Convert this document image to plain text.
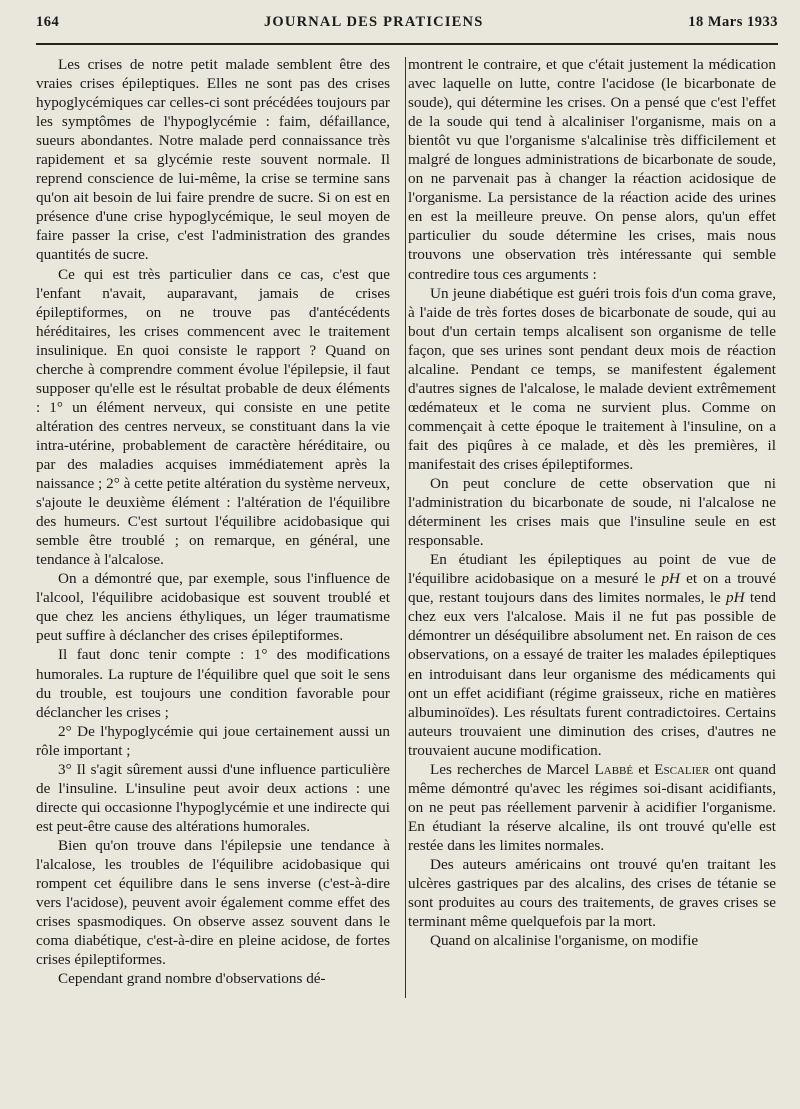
164	JOURNAL DES PRATICIENS	18 Mars 1933

Les crises de notre petit malade semblent être des vraies crises épileptiques. Elles ne sont pas des crises hypoglycémiques car celles-ci sont précédées toujours par les symptômes de l'hypoglycémie : faim, défaillance, sueurs abondantes. Notre malade perd connaissance très rapidement et sa glycémie reste souvent normale. Il reprend conscience de lui-même, la crise se termine sans qu'on ait besoin de lui faire prendre de sucre. Si on est en présence d'une crise hypoglycémique, le seul moyen de faire passer la crise, c'est l'administration des grandes quantités de sucre.

Ce qui est très particulier dans ce cas, c'est que l'enfant n'avait, auparavant, jamais de crises épileptiformes, on ne trouve pas d'antécédents héréditaires, les crises commencent avec le traitement insulinique. En quoi consiste le rapport ? Quand on cherche à comprendre comment évolue l'épilepsie, il faut supposer qu'elle est le résultat probable de deux éléments : 1° un élément nerveux, qui consiste en une petite altération des centres nerveux, se constituant dans la vie intra-utérine, probablement de caractère héréditaire, ou par des maladies acquises immédiatement après la naissance ; 2° à cette petite altération du système nerveux, s'ajoute le deuxième élément : l'altération de l'équilibre des humeurs. C'est surtout l'équilibre acidobasique qui semble être troublé ; on remarque, en général, une tendance à l'alcalose.

On a démontré que, par exemple, sous l'influence de l'alcool, l'équilibre acidobasique est souvent troublé et que chez les anciens éthyliques, un léger traumatisme peut suffire à déclancher des crises épileptiformes.

Il faut donc tenir compte : 1° des modifications humorales. La rupture de l'équilibre quel que soit le sens du trouble, est toujours une condition favorable pour déclancher les crises ;

2° De l'hypoglycémie qui joue certainement aussi un rôle important ;

3° Il s'agit sûrement aussi d'une influence particulière de l'insuline. L'insuline peut avoir deux actions : une directe qui occasionne l'hypoglycémie et une indirecte qui est peut-être cause des altérations humorales.

Bien qu'on trouve dans l'épilepsie une tendance à l'alcalose, les troubles de l'équilibre acidobasique qui rompent cet équilibre dans le sens inverse (c'est-à-dire vers l'acidose), peuvent avoir également comme effet des crises spasmodiques. On observe assez souvent dans le coma diabétique, c'est-à-dire en pleine acidose, de fortes crises épileptiformes.

Cependant grand nombre d'observations dé-

montrent le contraire, et que c'était justement la médication avec laquelle on lutte, contre l'acidose (le bicarbonate de soude), qui détermine les crises. On a pensé que c'est l'effet de la soude qui tend à alcaliniser l'organisme, mais on a bientôt vu que l'organisme s'alcalinise très difficilement et malgré de longues administrations de bicarbonate de soude, on ne parvenait pas à changer la réaction acidosique de l'organisme. La persistance de la réaction acide des urines en est la meilleure preuve. On pense alors, qu'un effet particulier du soude détermine les crises, mais nous trouvons une observation très intéressante qui semble contredire tous ces arguments :

Un jeune diabétique est guéri trois fois d'un coma grave, à l'aide de très fortes doses de bicarbonate de soude, qui au bout d'un certain temps alcalisent son organisme de telle façon, que ses urines sont pendant deux mois de réaction alcaline. Pendant ce temps, se manifestent également d'autres signes de l'alcalose, le malade devient extrêmement œdémateux et le coma ne survient plus. Comme on commençait à cette époque le traitement à l'insuline, on a fait des piqûres à ce malade, et dès les premières, il manifestait des crises épileptiformes.

On peut conclure de cette observation que ni l'administration du bicarbonate de soude, ni l'alcalose ne déterminent les crises mais que l'insuline seule en est responsable.

En étudiant les épileptiques au point de vue de l'équilibre acidobasique on a mesuré le pH et on a trouvé que, restant toujours dans des limites normales, le pH tend chez eux vers l'alcalose. Mais il ne fut pas possible de démontrer un déséquilibre absolument net. En raison de ces observations, on a essayé de traiter les malades épileptiques en introduisant dans leur organisme des médicaments qui ont un effet acidifiant (régime graisseux, riche en matières albuminoïdes). Les résultats furent contradictoires. Certains auteurs trouvaient une diminution des crises, d'autres ne trouvaient aucune modification.

Les recherches de Marcel Labbé et Escalier ont quand même démontré qu'avec les régimes soi-disant acidifiants, on ne peut pas réellement parvenir à acidifier l'organisme. En étudiant la réserve alcaline, ils ont trouvé qu'elle est restée dans les limites normales.

Des auteurs américains ont trouvé qu'en traitant les ulcères gastriques par des alcalins, des crises de tétanie se sont produites au cours des traitements, de graves crises se terminant même quelquefois par la mort.

Quand on alcalinise l'organisme, on modifie
